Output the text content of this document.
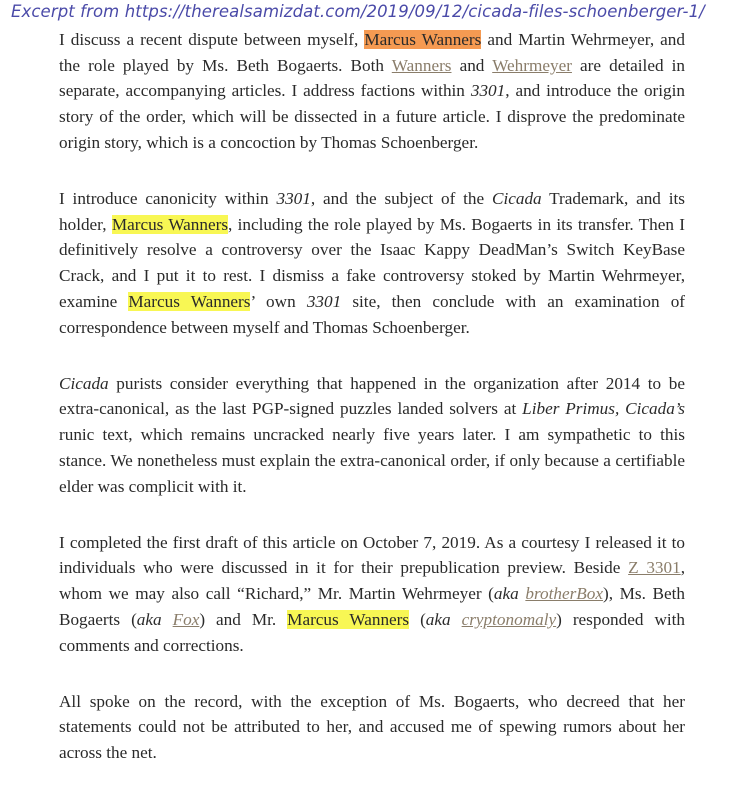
Excerpt from https://therealsamizdat.com/2019/09/12/cicada-files-schoenberger-1/

I discuss a recent dispute between myself, Marcus Wanners and Martin Wehrmeyer, and the role played by Ms. Beth Bogaerts. Both Wanners and Wehrmeyer are detailed in separate, accompanying articles. I address factions within 3301, and introduce the origin story of the order, which will be dissected in a future article. I disprove the predominate origin story, which is a concoction by Thomas Schoenberger.

I introduce canonicity within 3301, and the subject of the Cicada Trademark, and its holder, Marcus Wanners, including the role played by Ms. Bogaerts in its transfer. Then I definitively resolve a controversy over the Isaac Kappy DeadMan’s Switch KeyBase Crack, and I put it to rest. I dismiss a fake controversy stoked by Martin Wehrmeyer, examine Marcus Wanners’ own 3301 site, then conclude with an examination of correspondence between myself and Thomas Schoenberger.

Cicada purists consider everything that happened in the organization after 2014 to be extra-canonical, as the last PGP-signed puzzles landed solvers at Liber Primus, Cicada’s runic text, which remains uncracked nearly five years later. I am sympathetic to this stance. We nonetheless must explain the extra-canonical order, if only because a certifiable elder was complicit with it.

I completed the first draft of this article on October 7, 2019. As a courtesy I released it to individuals who were discussed in it for their prepublication preview. Beside Z 3301, whom we may also call “Richard,” Mr. Martin Wehrmeyer (aka brotherBox), Ms. Beth Bogaerts (aka Fox) and Mr. Marcus Wanners (aka cryptonomaly) responded with comments and corrections.

All spoke on the record, with the exception of Ms. Bogaerts, who decreed that her statements could not be attributed to her, and accused me of spewing rumors about her across the net.
